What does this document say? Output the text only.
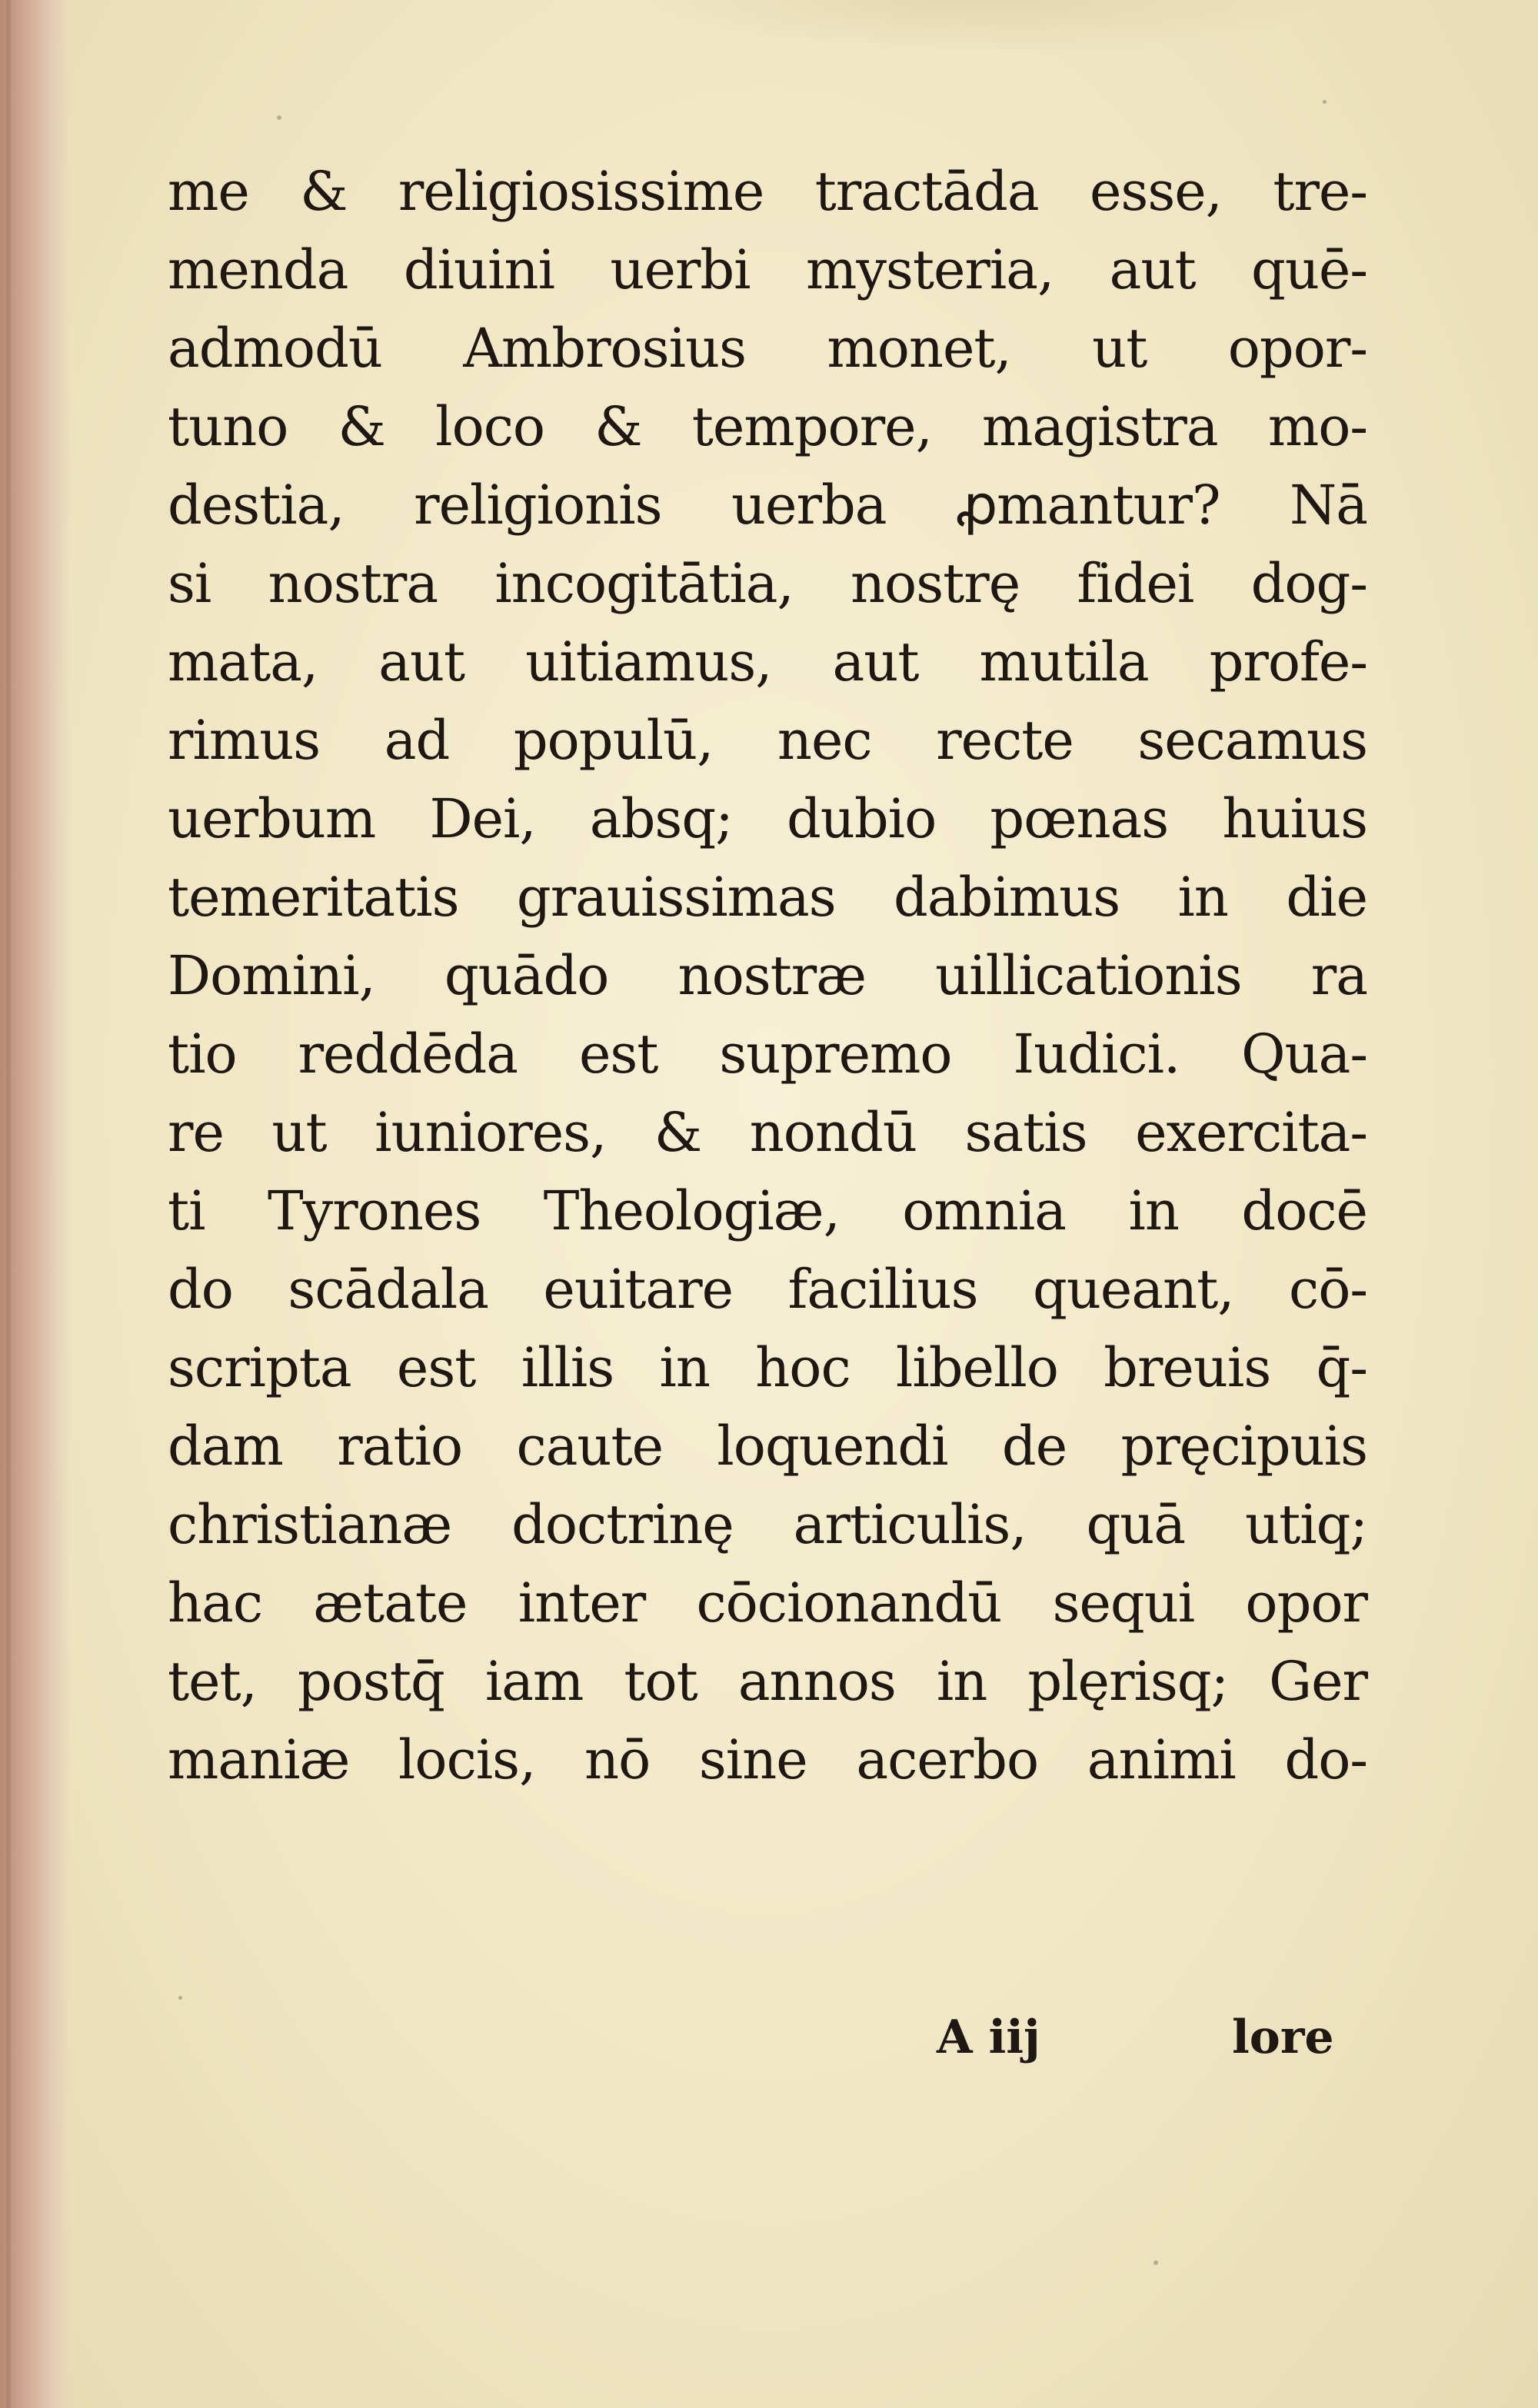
me & religiosissime tractāda esse, tre-
menda diuini uerbi mysteria, aut quē-
admodū Ambrosius monet, ut opor-
tuno & loco & tempore, magistra mo-
destia, religionis uerba ꝓmantur? Nā
si nostra incogitātia, nostrę fidei dog-
mata, aut uitiamus, aut mutila profe-
rimus ad populū, nec recte secamus
uerbum Dei, absq; dubio pœnas huius
temeritatis grauissimas dabimus in die
Domini, quādo nostræ uillicationis ra
tio reddēda est supremo Iudici. Qua-
re ut iuniores, & nondū satis exercita-
ti Tyrones Theologiæ, omnia in docē
do scādala euitare facilius queant, cō-
scripta est illis in hoc libello breuis q̄-
dam ratio caute loquendi de pręcipuis
christianæ doctrinę articulis, quā utiq;
hac ætate inter cōcionandū sequi opor
tet, postq̄ iam tot annos in plęrisq; Ger
maniæ locis, nō sine acerbo animi do-
A iij	lore
